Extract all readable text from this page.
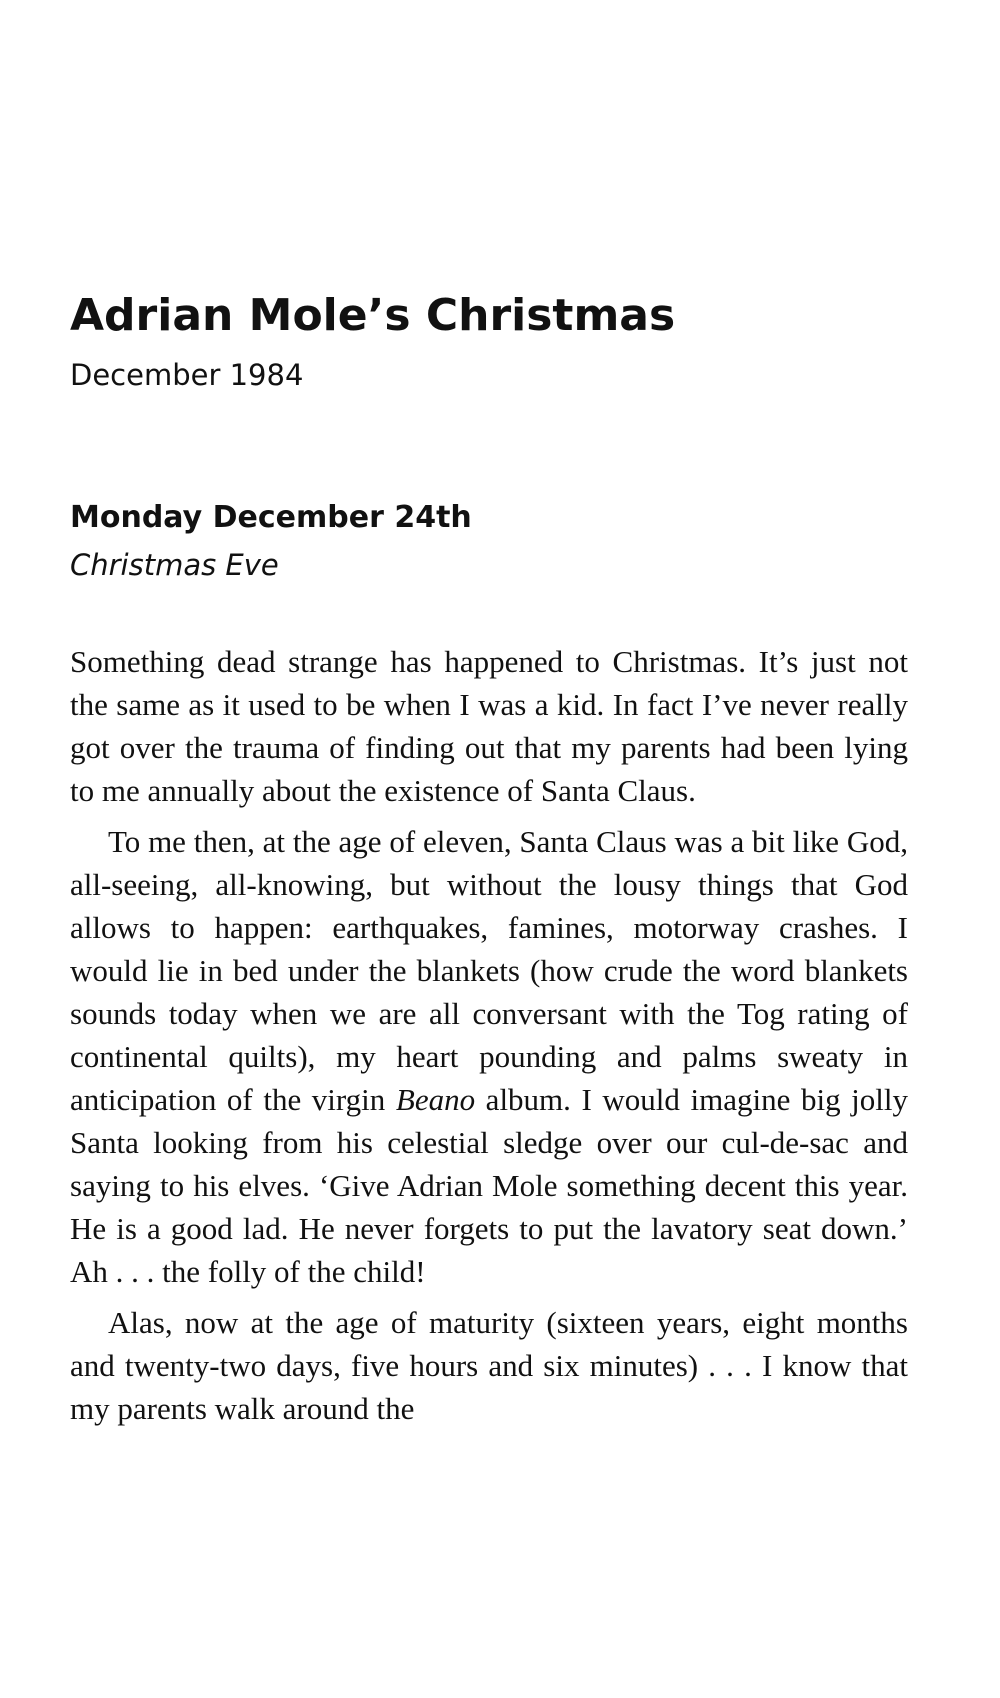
Adrian Mole’s Christmas
December 1984
Monday December 24th
Christmas Eve

Something dead strange has happened to Christmas. It’s just not the same as it used to be when I was a kid. In fact I’ve never really got over the trauma of finding out that my parents had been lying to me annually about the existence of Santa Claus.

To me then, at the age of eleven, Santa Claus was a bit like God, all-seeing, all-knowing, but without the lousy things that God allows to happen: earthquakes, famines, motorway crashes. I would lie in bed under the blankets (how crude the word blankets sounds today when we are all conversant with the Tog rating of continental quilts), my heart pounding and palms sweaty in anticipation of the virgin Beano album. I would imagine big jolly Santa looking from his celestial sledge over our cul-de-sac and saying to his elves. ‘Give Adrian Mole something decent this year. He is a good lad. He never forgets to put the lavatory seat down.’ Ah . . . the folly of the child!

Alas, now at the age of maturity (sixteen years, eight months and twenty-two days, five hours and six minutes) . . . I know that my parents walk around the
